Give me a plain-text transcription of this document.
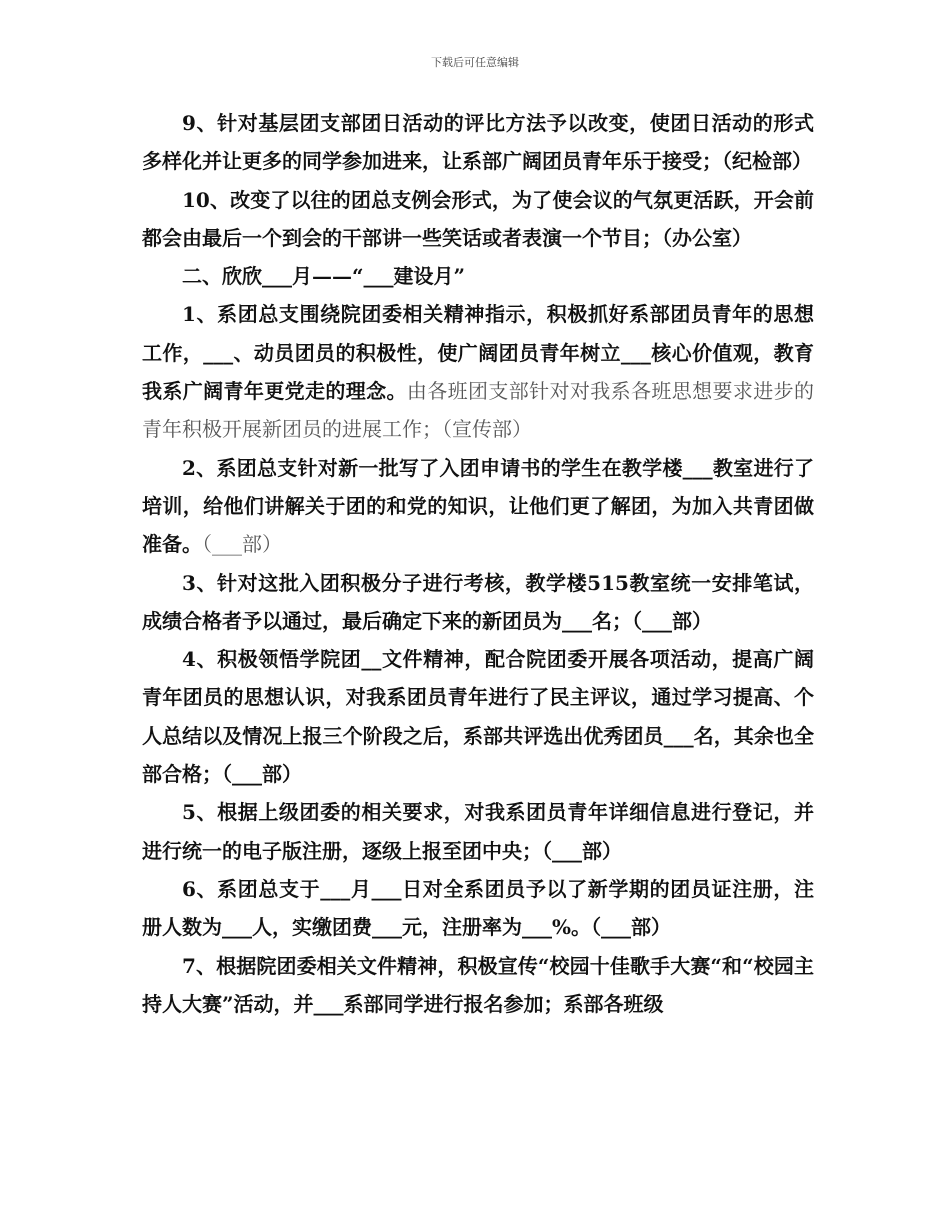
下载后可任意编辑

9、针对基层团支部团日活动的评比方法予以改变，使团日活动的形式多样化并让更多的同学参加进来，让系部广阔团员青年乐于接受；（纪检部）

10、改变了以往的团总支例会形式，为了使会议的气氛更活跃，开会前都会由最后一个到会的干部讲一些笑话或者表演一个节目；（办公室）

二、欣欣___月——“___建设月”

1、系团总支围绕院团委相关精神指示，积极抓好系部团员青年的思想工作，___、动员团员的积极性，使广阔团员青年树立___核心价值观，教育我系广阔青年更党走的理念。由各班团支部针对对我系各班思想要求进步的青年积极开展新团员的进展工作；（宣传部）

2、系团总支针对新一批写了入团申请书的学生在教学楼___教室进行了培训，给他们讲解关于团的和党的知识，让他们更了解团，为加入共青团做准备。（___部）

3、针对这批入团积极分子进行考核，教学楼515教室统一安排笔试，成绩合格者予以通过，最后确定下来的新团员为___名；（___部）

4、积极领悟学院团__文件精神，配合院团委开展各项活动，提高广阔青年团员的思想认识，对我系团员青年进行了民主评议，通过学习提高、个人总结以及情况上报三个阶段之后，系部共评选出优秀团员___名，其余也全部合格；（___部）

5、根据上级团委的相关要求，对我系团员青年详细信息进行登记，并进行统一的电子版注册，逐级上报至团中央；（___部）

6、系团总支于___月___日对全系团员予以了新学期的团员证注册，注册人数为___人，实缴团费___元，注册率为___%。（___部）

7、根据院团委相关文件精神，积极宣传“校园十佳歌手大赛“和“校园主持人大赛”活动，并___系部同学进行报名参加；系部各班级
